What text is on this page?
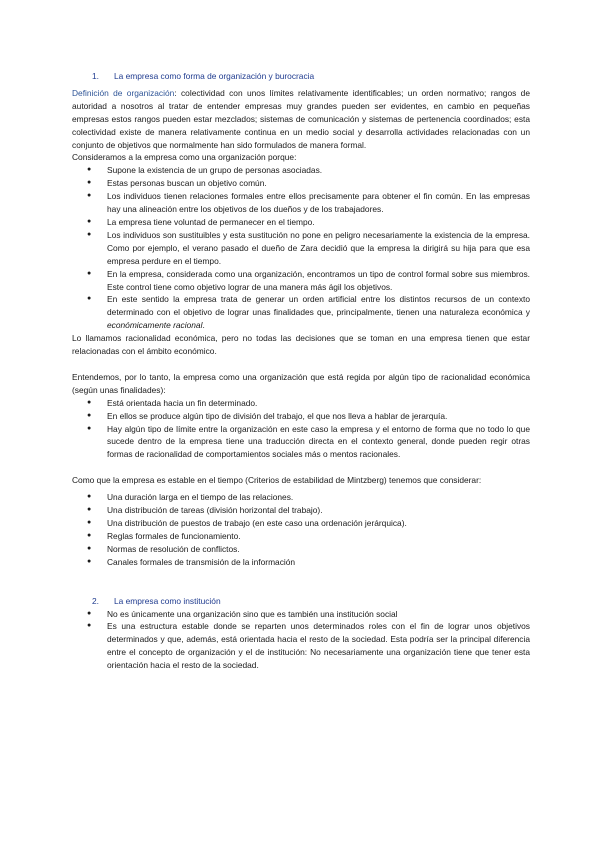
1.	La empresa como forma de organización y burocracia

Definición de organización: colectividad con unos límites relativamente identificables; un orden normativo; rangos de autoridad a nosotros al tratar de entender empresas muy grandes pueden ser evidentes, en cambio en pequeñas empresas estos rangos pueden estar mezclados; sistemas de comunicación y sistemas de pertenencia coordinados; esta colectividad existe de manera relativamente continua en un medio social y desarrolla actividades relacionadas con un conjunto de objetivos que normalmente han sido formulados de manera formal.

Consideramos a la empresa como una organización porque:

● Supone la existencia de un grupo de personas asociadas.
● Estas personas buscan un objetivo común.
● Los individuos tienen relaciones formales entre ellos precisamente para obtener el fin común. En las empresas hay una alineación entre los objetivos de los dueños y de los trabajadores.
● La empresa tiene voluntad de permanecer en el tiempo.
● Los individuos son sustituibles y esta sustitución no pone en peligro necesariamente la existencia de la empresa. Como por ejemplo, el verano pasado el dueño de Zara decidió que la empresa la dirigirá su hija para que esa empresa perdure en el tiempo.
● En la empresa, considerada como una organización, encontramos un tipo de control formal sobre sus miembros. Este control tiene como objetivo lograr de una manera más ágil los objetivos.
● En este sentido la empresa trata de generar un orden artificial entre los distintos recursos de un contexto determinado con el objetivo de lograr unas finalidades que, principalmente, tienen una naturaleza económica y económicamente racional.

Lo llamamos racionalidad económica, pero no todas las decisiones que se toman en una empresa tienen que estar relacionadas con el ámbito económico.

Entendemos, por lo tanto, la empresa como una organización que está regida por algún tipo de racionalidad económica (según unas finalidades):

● Está orientada hacia un fin determinado.
● En ellos se produce algún tipo de división del trabajo, el que nos lleva a hablar de jerarquía.
● Hay algún tipo de límite entre la organización en este caso la empresa y el entorno de forma que no todo lo que sucede dentro de la empresa tiene una traducción directa en el contexto general, donde pueden regir otras formas de racionalidad de comportamientos sociales más o mentos racionales.

Como que la empresa es estable en el tiempo (Criterios de estabilidad de Mintzberg) tenemos que considerar:

● Una duración larga en el tiempo de las relaciones.
● Una distribución de tareas (división horizontal del trabajo).
● Una distribución de puestos de trabajo (en este caso una ordenación jerárquica).
● Reglas formales de funcionamiento.
● Normas de resolución de conflictos.
● Canales formales de transmisión de la información
2.	La empresa como institución
● No es únicamente una organización sino que es también una institución social
● Es una estructura estable donde se reparten unos determinados roles con el fin de lograr unos objetivos determinados y que, además, está orientada hacia el resto de la sociedad. Esta podría ser la principal diferencia entre el concepto de organización y el de institución: No necesariamente una organización tiene que tener esta orientación hacia el resto de la sociedad.
